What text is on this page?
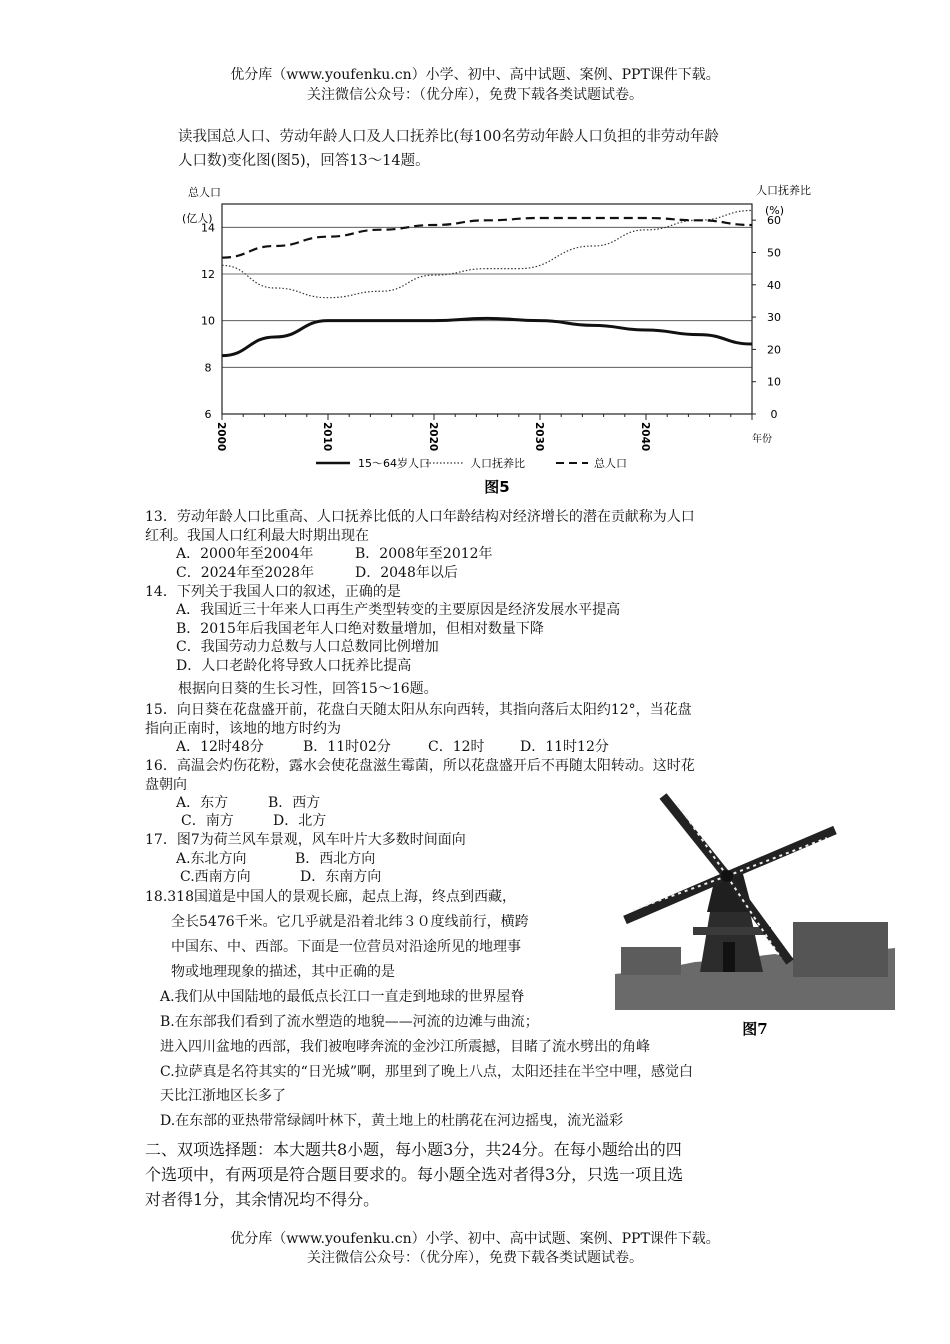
优分库（www.youfenku.cn）小学、初中、高中试题、案例、PPT课件下载。
关注微信公众号：（优分库），免费下载各类试题试卷。
读我国总人口、劳动年龄人口及人口抚养比(每100名劳动年龄人口负担的非劳动年龄
人口数)变化图(图5)，回答13～14题。
总人口
(亿人)
人口抚养比
(%)
14
12
10
8
6
60
50
40
30
20
10
0
2000	2010	2020	2030	2040	年份
15～64岁人口	人口抚养比	总人口
图5
13．劳动年龄人口比重高、人口抚养比低的人口年龄结构对经济增长的潜在贡献称为人口
红利。我国人口红利最大时期出现在
A．2000年至2004年	B．2008年至2012年
C．2024年至2028年	D．2048年以后
14．下列关于我国人口的叙述，正确的是
A．我国近三十年来人口再生产类型转变的主要原因是经济发展水平提高
B．2015年后我国老年人口绝对数量增加，但相对数量下降
C．我国劳动力总数与人口总数同比例增加
D．人口老龄化将导致人口抚养比提高
根据向日葵的生长习性，回答15～16题。
15．向日葵在花盘盛开前，花盘白天随太阳从东向西转，其指向落后太阳约12°，当花盘
指向正南时，该地的地方时约为
A．12时48分	B．11时02分	C．12时	D．11时12分
16．高温会灼伤花粉，露水会使花盘滋生霉菌，所以花盘盛开后不再随太阳转动。这时花
盘朝向
A．东方	B．西方
C．南方	D．北方
17．图7为荷兰风车景观，风车叶片大多数时间面向
A.东北方向	B．西北方向
C.西南方向	D．东南方向
18.318国道是中国人的景观长廊，起点上海，终点到西藏，
全长5476千米。它几乎就是沿着北纬３０度线前行，横跨
中国东、中、西部。下面是一位营员对沿途所见的地理事
物或地理现象的描述，其中正确的是
A.我们从中国陆地的最低点长江口一直走到地球的世界屋脊
B.在东部我们看到了流水塑造的地貌——河流的边滩与曲流；
进入四川盆地的西部，我们被咆哮奔流的金沙江所震撼，目睹了流水劈出的角峰
C.拉萨真是名符其实的“日光城”啊，那里到了晚上八点，太阳还挂在半空中哩，感觉白
天比江浙地区长多了
D.在东部的亚热带常绿阔叶林下，黄土地上的杜鹃花在河边摇曳，流光溢彩
图7
二、双项选择题：本大题共8小题，每小题3分，共24分。在每小题给出的四
个选项中，有两项是符合题目要求的。每小题全选对者得3分，只选一项且选
对者得1分，其余情况均不得分。
优分库（www.youfenku.cn）小学、初中、高中试题、案例、PPT课件下载。
关注微信公众号：（优分库），免费下载各类试题试卷。
